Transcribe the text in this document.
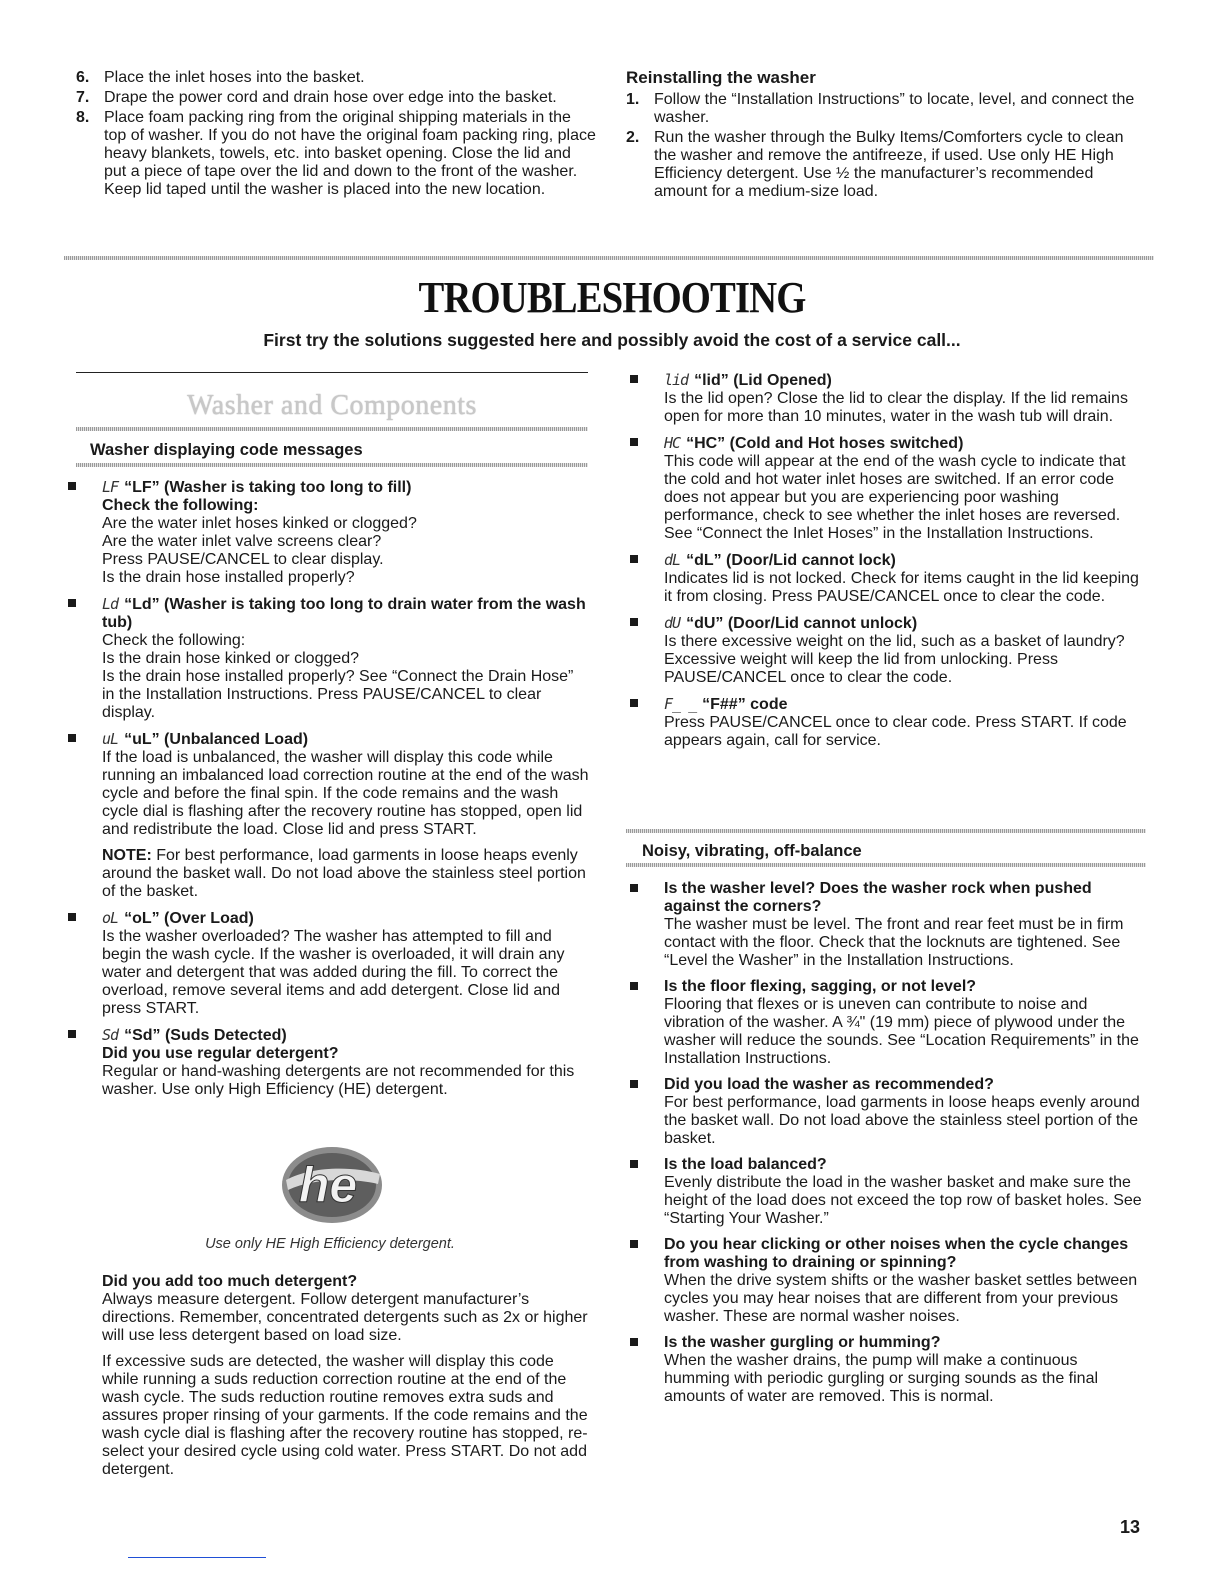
6. Place the inlet hoses into the basket.
7. Drape the power cord and drain hose over edge into the basket.
8. Place foam packing ring from the original shipping materials in the top of washer. If you do not have the original foam packing ring, place heavy blankets, towels, etc. into basket opening. Close the lid and put a piece of tape over the lid and down to the front of the washer. Keep lid taped until the washer is placed into the new location.
Reinstalling the washer
1. Follow the “Installation Instructions” to locate, level, and connect the washer.
2. Run the washer through the Bulky Items/Comforters cycle to clean the washer and remove the antifreeze, if used. Use only HE High Efficiency detergent. Use ½ the manufacturer’s recommended amount for a medium-size load.
TROUBLESHOOTING
First try the solutions suggested here and possibly avoid the cost of a service call...
Washer and Components
Washer displaying code messages

LF “LF” (Washer is taking too long to fill)

Check the following:

Are the water inlet hoses kinked or clogged?

Are the water inlet valve screens clear?

Press PAUSE/CANCEL to clear display.

Is the drain hose installed properly?

Ld “Ld” (Washer is taking too long to drain water from the wash tub)

Check the following:

Is the drain hose kinked or clogged?

Is the drain hose installed properly? See “Connect the Drain Hose” in the Installation Instructions. Press PAUSE/CANCEL to clear display.

uL “uL” (Unbalanced Load)

If the load is unbalanced, the washer will display this code while running an imbalanced load correction routine at the end of the wash cycle and before the final spin. If the code remains and the wash cycle dial is flashing after the recovery routine has stopped, open lid and redistribute the load. Close lid and press START.

NOTE: For best performance, load garments in loose heaps evenly around the basket wall. Do not load above the stainless steel portion of the basket.

oL “oL” (Over Load)

Is the washer overloaded? The washer has attempted to fill and begin the wash cycle. If the washer is overloaded, it will drain any water and detergent that was added during the fill. To correct the overload, remove several items and add detergent. Close lid and press START.

Sd “Sd” (Suds Detected)

Did you use regular detergent?

Regular or hand-washing detergents are not recommended for this washer. Use only High Efficiency (HE) detergent.

he
Use only HE High Efficiency detergent.

Did you add too much detergent?

Always measure detergent. Follow detergent manufacturer’s directions. Remember, concentrated detergents such as 2x or higher will use less detergent based on load size.

If excessive suds are detected, the washer will display this code while running a suds reduction correction routine at the end of the wash cycle. The suds reduction routine removes extra suds and assures proper rinsing of your garments. If the code remains and the wash cycle dial is flashing after the recovery routine has stopped, re-select your desired cycle using cold water. Press START. Do not add detergent.

lid “lid” (Lid Opened)

Is the lid open? Close the lid to clear the display. If the lid remains open for more than 10 minutes, water in the wash tub will drain.

HC “HC” (Cold and Hot hoses switched)

This code will appear at the end of the wash cycle to indicate that the cold and hot water inlet hoses are switched. If an error code does not appear but you are experiencing poor washing performance, check to see whether the inlet hoses are reversed. See “Connect the Inlet Hoses” in the Installation Instructions.

dL “dL” (Door/Lid cannot lock)

Indicates lid is not locked. Check for items caught in the lid keeping it from closing. Press PAUSE/CANCEL once to clear the code.

dU “dU” (Door/Lid cannot unlock)

Is there excessive weight on the lid, such as a basket of laundry? Excessive weight will keep the lid from unlocking. Press PAUSE/CANCEL once to clear the code.

F_ _ “F##” code

Press PAUSE/CANCEL once to clear code. Press START. If code appears again, call for service.

Noisy, vibrating, off-balance

Is the washer level? Does the washer rock when pushed against the corners?

The washer must be level. The front and rear feet must be in firm contact with the floor. Check that the locknuts are tightened. See “Level the Washer” in the Installation Instructions.

Is the floor flexing, sagging, or not level?

Flooring that flexes or is uneven can contribute to noise and vibration of the washer. A ¾" (19 mm) piece of plywood under the washer will reduce the sounds. See “Location Requirements” in the Installation Instructions.

Did you load the washer as recommended?

For best performance, load garments in loose heaps evenly around the basket wall. Do not load above the stainless steel portion of the basket.

Is the load balanced?

Evenly distribute the load in the washer basket and make sure the height of the load does not exceed the top row of basket holes. See “Starting Your Washer.”

Do you hear clicking or other noises when the cycle changes from washing to draining or spinning?

When the drive system shifts or the washer basket settles between cycles you may hear noises that are different from your previous washer. These are normal washer noises.

Is the washer gurgling or humming?

When the washer drains, the pump will make a continuous humming with periodic gurgling or surging sounds as the final amounts of water are removed. This is normal.

13
